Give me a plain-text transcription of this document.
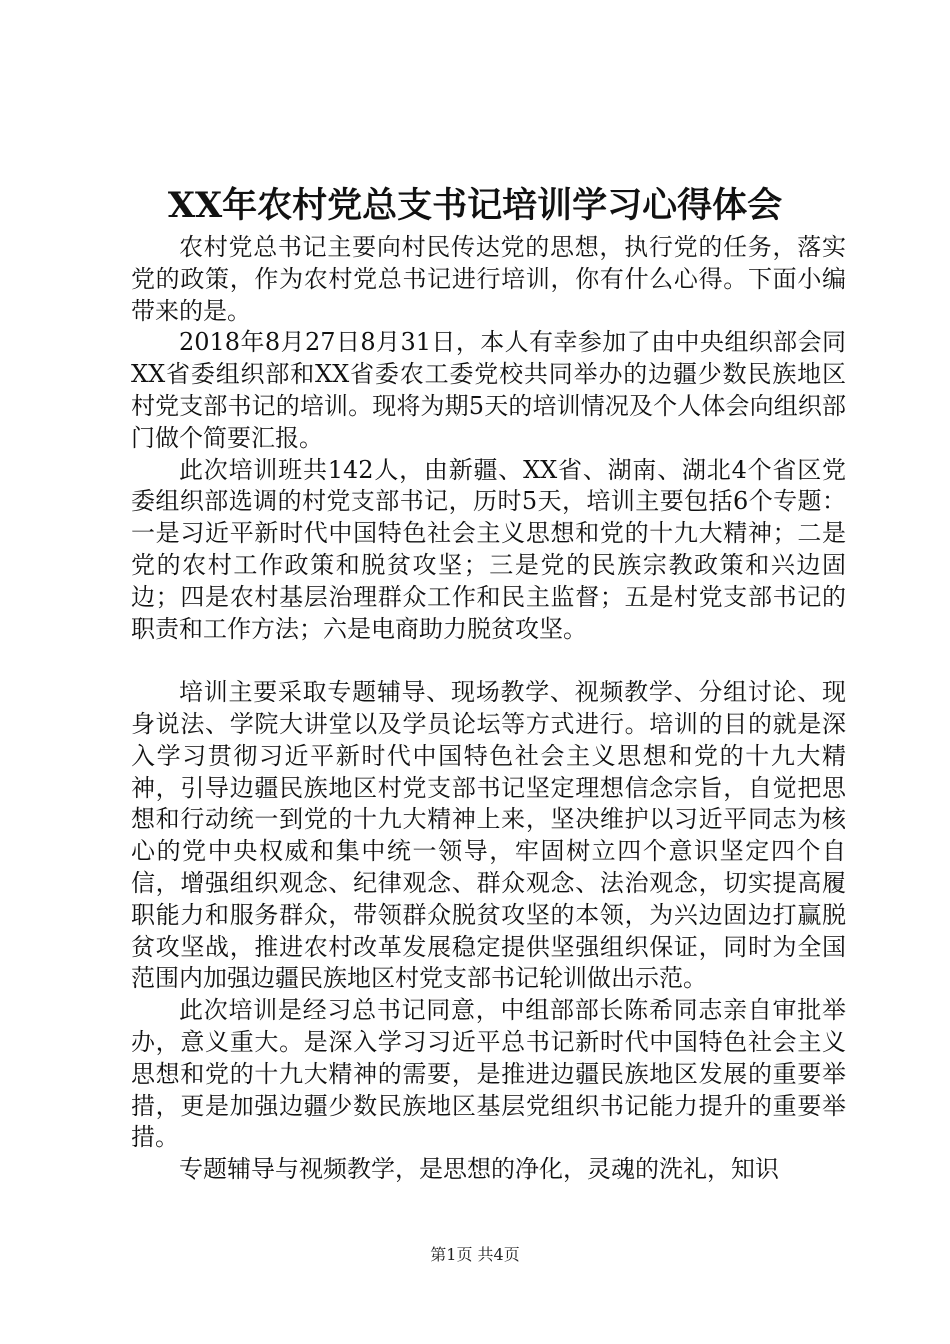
XX年农村党总支书记培训学习心得体会

农村党总书记主要向村民传达党的思想，执行党的任务，落实党的政策，作为农村党总书记进行培训，你有什么心得。下面小编带来的是。

2018年8月27日8月31日，本人有幸参加了由中央组织部会同XX省委组织部和XX省委农工委党校共同举办的边疆少数民族地区村党支部书记的培训。现将为期5天的培训情况及个人体会向组织部门做个简要汇报。

此次培训班共142人，由新疆、XX省、湖南、湖北4个省区党委组织部选调的村党支部书记，历时5天，培训主要包括6个专题：一是习近平新时代中国特色社会主义思想和党的十九大精神；二是党的农村工作政策和脱贫攻坚；三是党的民族宗教政策和兴边固边；四是农村基层治理群众工作和民主监督；五是村党支部书记的职责和工作方法；六是电商助力脱贫攻坚。

培训主要采取专题辅导、现场教学、视频教学、分组讨论、现身说法、学院大讲堂以及学员论坛等方式进行。培训的目的就是深入学习贯彻习近平新时代中国特色社会主义思想和党的十九大精神，引导边疆民族地区村党支部书记坚定理想信念宗旨，自觉把思想和行动统一到党的十九大精神上来，坚决维护以习近平同志为核心的党中央权威和集中统一领导，牢固树立四个意识坚定四个自信，增强组织观念、纪律观念、群众观念、法治观念，切实提高履职能力和服务群众，带领群众脱贫攻坚的本领，为兴边固边打赢脱贫攻坚战，推进农村改革发展稳定提供坚强组织保证，同时为全国范围内加强边疆民族地区村党支部书记轮训做出示范。

此次培训是经习总书记同意，中组部部长陈希同志亲自审批举办，意义重大。是深入学习习近平总书记新时代中国特色社会主义思想和党的十九大精神的需要，是推进边疆民族地区发展的重要举措，更是加强边疆少数民族地区基层党组织书记能力提升的重要举措。

专题辅导与视频教学，是思想的净化，灵魂的洗礼，知识

第1页 共4页
